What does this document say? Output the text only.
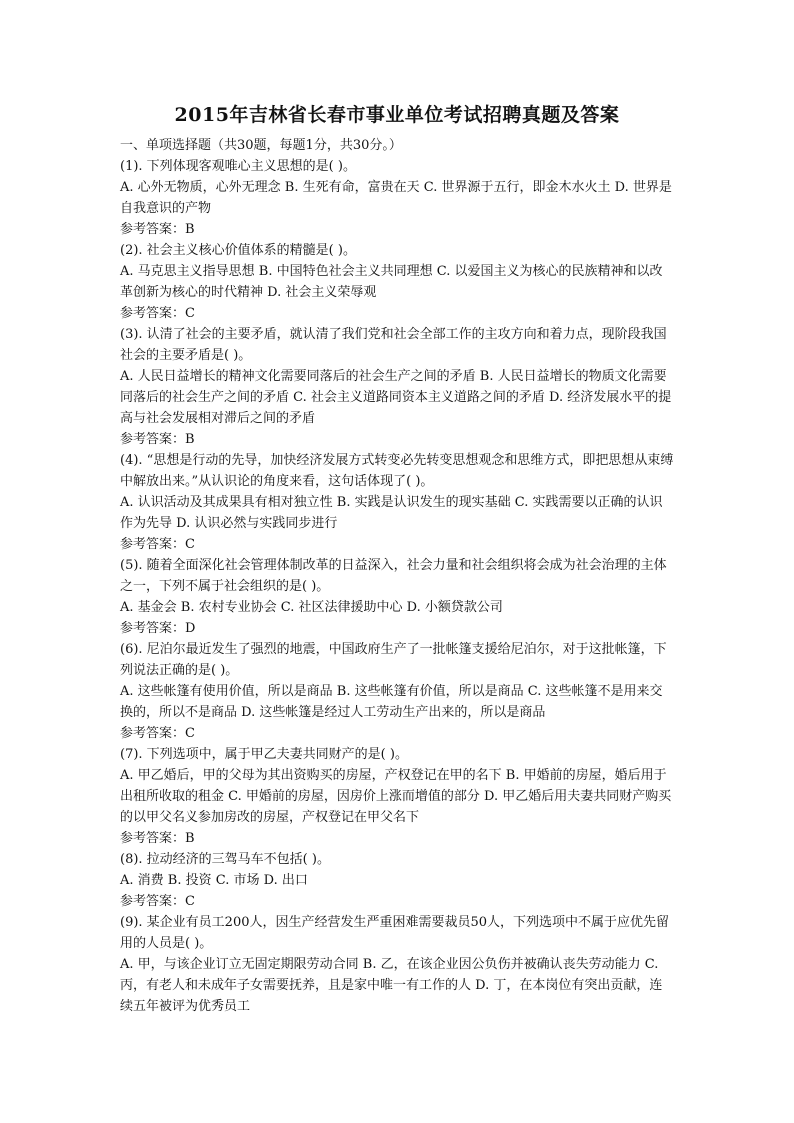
2015年吉林省长春市事业单位考试招聘真题及答案
一、单项选择题（共30题，每题1分，共30分。）
(1). 下列体现客观唯心主义思想的是( )。
A. 心外无物质，心外无理念 B. 生死有命，富贵在天 C. 世界源于五行，即金木水火土 D. 世界是自我意识的产物
参考答案：B
(2). 社会主义核心价值体系的精髓是( )。
A. 马克思主义指导思想 B. 中国特色社会主义共同理想 C. 以爱国主义为核心的民族精神和以改革创新为核心的时代精神 D. 社会主义荣辱观
参考答案：C
(3). 认清了社会的主要矛盾，就认清了我们党和社会全部工作的主攻方向和着力点，现阶段我国社会的主要矛盾是( )。
A. 人民日益增长的精神文化需要同落后的社会生产之间的矛盾 B. 人民日益增长的物质文化需要同落后的社会生产之间的矛盾 C. 社会主义道路同资本主义道路之间的矛盾 D. 经济发展水平的提高与社会发展相对滞后之间的矛盾
参考答案：B
(4). “思想是行动的先导，加快经济发展方式转变必先转变思想观念和思维方式，即把思想从束缚中解放出来。”从认识论的角度来看，这句话体现了( )。
A. 认识活动及其成果具有相对独立性 B. 实践是认识发生的现实基础 C. 实践需要以正确的认识作为先导 D. 认识必然与实践同步进行
参考答案：C
(5). 随着全面深化社会管理体制改革的日益深入，社会力量和社会组织将会成为社会治理的主体之一，下列不属于社会组织的是( )。
A. 基金会 B. 农村专业协会 C. 社区法律援助中心 D. 小额贷款公司
参考答案：D
(6). 尼泊尔最近发生了强烈的地震，中国政府生产了一批帐篷支援给尼泊尔，对于这批帐篷，下列说法正确的是( )。
A. 这些帐篷有使用价值，所以是商品 B. 这些帐篷有价值，所以是商品 C. 这些帐篷不是用来交换的，所以不是商品 D. 这些帐篷是经过人工劳动生产出来的，所以是商品
参考答案：C
(7). 下列选项中，属于甲乙夫妻共同财产的是( )。
A. 甲乙婚后，甲的父母为其出资购买的房屋，产权登记在甲的名下 B. 甲婚前的房屋，婚后用于出租所收取的租金 C. 甲婚前的房屋，因房价上涨而增值的部分 D. 甲乙婚后用夫妻共同财产购买的以甲父名义参加房改的房屋，产权登记在甲父名下
参考答案：B
(8). 拉动经济的三驾马车不包括( )。
A. 消费 B. 投资 C. 市场 D. 出口
参考答案：C
(9). 某企业有员工200人，因生产经营发生严重困难需要裁员50人，下列选项中不属于应优先留用的人员是( )。
A. 甲，与该企业订立无固定期限劳动合同 B. 乙，在该企业因公负伤并被确认丧失劳动能力 C. 丙，有老人和未成年子女需要抚养，且是家中唯一有工作的人 D. 丁，在本岗位有突出贡献，连续五年被评为优秀员工
